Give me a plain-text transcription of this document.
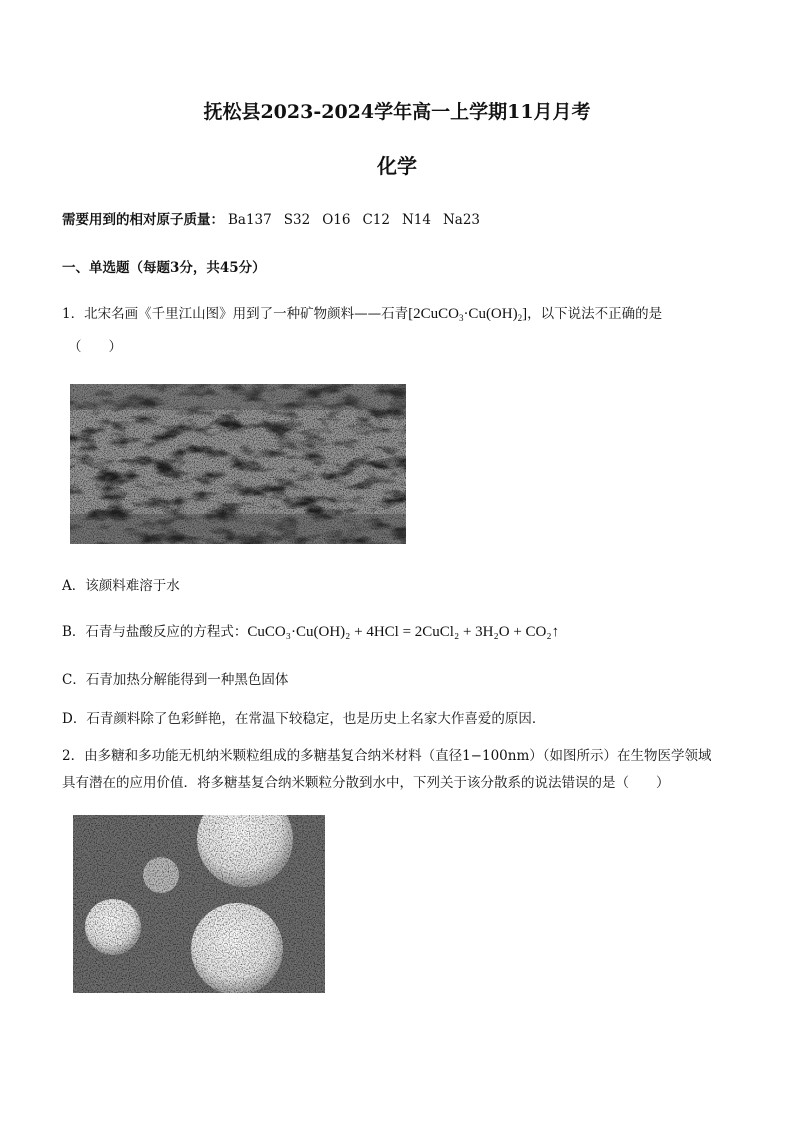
抚松县2023-2024学年高一上学期11月月考
化学
需要用到的相对原子质量： Ba137 S32 O16 C12 N14 Na23
一、单选题（每题3分，共45分）
1．北宋名画《千里江山图》用到了一种矿物颜料——石青$[2CuCO_3\cdot Cu(OH)_2]$，以下说法不正确的是
（　　）
A．该颜料难溶于水
B．石青与盐酸反应的方程式：CuCO₃·Cu(OH)₂ + 4HCl = 2CuCl₂ + 3H₂O + CO₂↑
C．石青加热分解能得到一种黑色固体
D．石青颜料除了色彩鲜艳，在常温下较稳定，也是历史上名家大作喜爱的原因．
2．由多糖和多功能无机纳米颗粒组成的多糖基复合纳米材料（直径1−100nm）（如图所示）在生物医学领域
具有潜在的应用价值．将多糖基复合纳米颗粒分散到水中，下列关于该分散系的说法错误的是（　　）
